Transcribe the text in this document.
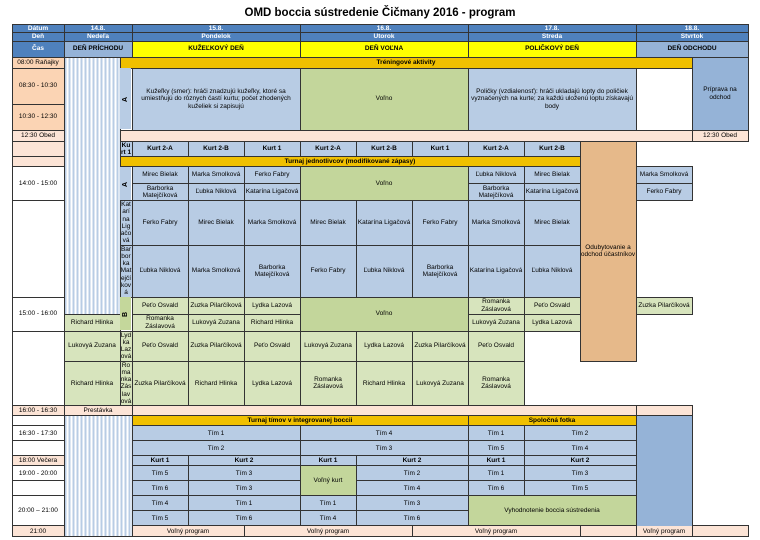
OMD boccia sústredenie Čičmany 2016 - program
Dátum	14.8.		15.8.			16.8.			17.8.			18.8.		
Deň	Nedeľa		Pondelok			Utorok			Streda			Štvrtok		
Čas	DEŇ PRÍCHODU		KUŽEĽKOVÝ DEŇ			DEŇ VOĽNA			POLIČKOVÝ DEŇ			DEŇ ODCHODU		
08:00 Raňajky		Tréningové aktivity											Príprava na odchod	
08:30 - 10:30		A	Kužeľky (smer): hráči znadzujú kužeľky, ktoré sa umiestňujú do rôznych častí kurtu; počet zhodených kuželiek si zapisujú			Voľno			Poličky (vzdialenosť): hráči ukladajú lopty do poličiek vyznačených na kurte; za každú uloženú loptu získavajú body					
10:30 - 12:30														
12:30 Obed													12:30 Obed	
		Kurt 1	Kurt 2-A	Kurt 2-B	Kurt 1	Kurt 2-A	Kurt 2-B	Kurt 1	Kurt 2-A	Kurt 2-B	Odubytovanie a odchod účastníkov			
		Turnaj jednotlivcov (modifikované zápasy)												
14:00 - 15:00		A	Mirec Bielak	Marka Smolková	Ferko Fabry	Voľno			Ľubka Niklová	Mirec Bielak		Marka Smolková		
			Barborka Matejčíková	Ľubka Niklová	Katarína Ligačová				Barborka Matejčíková	Katarína Ligačová		Ferko Fabry		
		Katarína Ligačová	Ferko Fabry	Mirec Bielak	Marka Smolková	Mirec Bielak	Katarína Ligačová	Ferko Fabry	Marka Smolková	Mirec Bielak				
		Barborka Matejčíková	Ľubka Niklová	Marka Smolková	Barborka Matejčíková	Ferko Fabry	Ľubka Niklová	Barborka Matejčíková	Katarína Ligačová	Ľubka Niklová				
15:00 - 16:00		B	Peťo Osvald	Zuzka Pilarčíková	Lydka Lazová	Voľno			Romanka Záslavová	Peťo Osvald		Zuzka Pilarčíková		
	Richard Hlinka		Romanka Záslavová	Lukovyá Zuzana	Richard Hlinka				Lukovyá Zuzana	Lydka Lazová				
	Lukovyá Zuzana	Lydka Lazová	Peťo Osvald	Zuzka Pilarčíková	Peťo Osvald	Lukovyá Zuzana	Lydka Lazová	Zuzka Pilarčíková	Peťo Osvald					
	Richard Hlinka	Romanka Záslavová	Zuzka Pilarčíková	Richard Hlinka	Lydka Lazová	Romanka Záslavová	Richard Hlinka	Lukovyá Zuzana	Romanka Záslavová					
16:00 - 16:30	Prestávka													
			Turnaj tímov v integrovanej boccii						Spoločná fotka					
16:30 - 17:30			Tím 1			Tím 4			Tím 1	Tím 2				
			Tím 2			Tím 3			Tím 5	Tím 4				
18:00 Večera			Kurt 1	Kurt 2		Kurt 1	Kurt 2		Kurt 1	Kurt 2				
19:00 - 20:00			Tím 5	Tím 3		Voľný kurt	Tím 2		Tím 1	Tím 3				
			Tím 6	Tím 3			Tím 4		Tím 6	Tím 5				
20:00 – 21:00			Tím 4	Tím 1		Tím 1	Tím 3		Vyhodnotenie boccia sústredenia					
			Tím 5	Tím 6		Tím 4	Tím 6							
21:00			Voľný program		Voľný program			Voľný program			Voľný program			
